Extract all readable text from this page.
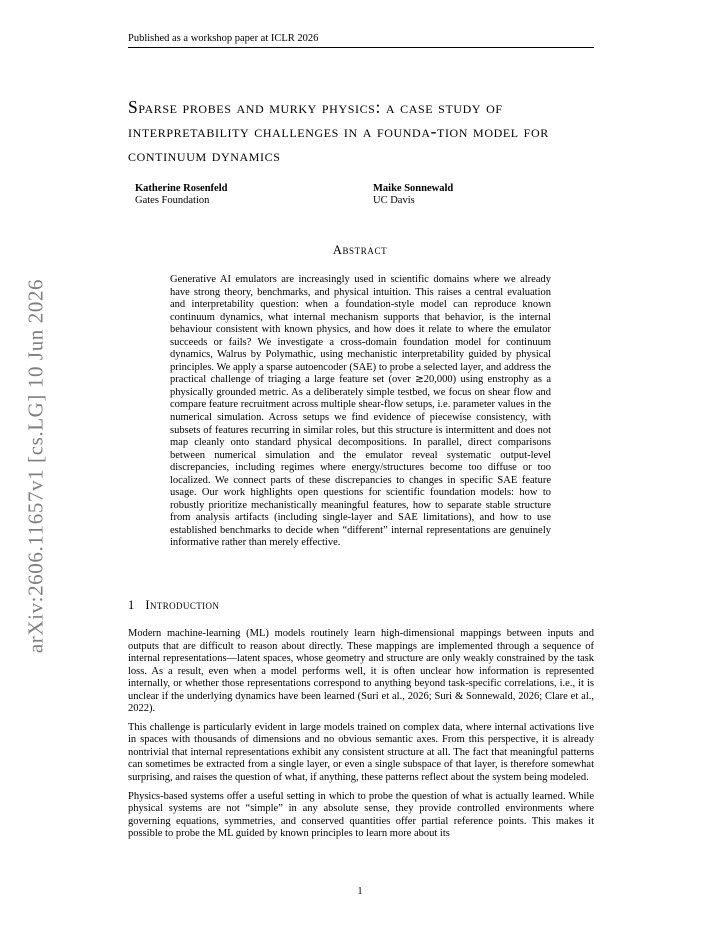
Published as a workshop paper at ICLR 2026
arXiv:2606.11657v1 [cs.LG] 10 Jun 2026
Sparse probes and murky physics: a case study of interpretability challenges in a founda-tion model for continuum dynamics
Katherine Rosenfeld
Gates Foundation
Maike Sonnewald
UC Davis
Abstract

Generative AI emulators are increasingly used in scientific domains where we already have strong theory, benchmarks, and physical intuition. This raises a central evaluation and interpretability question: when a foundation-style model can reproduce known continuum dynamics, what internal mechanism supports that behavior, is the internal behaviour consistent with known physics, and how does it relate to where the emulator succeeds or fails? We investigate a cross-domain foundation model for continuum dynamics, Walrus by Polymathic, using mechanistic interpretability guided by physical principles. We apply a sparse autoencoder (SAE) to probe a selected layer, and address the practical challenge of triaging a large feature set (over ≳20,000) using enstrophy as a physically grounded metric. As a deliberately simple testbed, we focus on shear flow and compare feature recruitment across multiple shear-flow setups, i.e. parameter values in the numerical simulation. Across setups we find evidence of piecewise consistency, with subsets of features recurring in similar roles, but this structure is intermittent and does not map cleanly onto standard physical decompositions. In parallel, direct comparisons between numerical simulation and the emulator reveal systematic output-level discrepancies, including regimes where energy/structures become too diffuse or too localized. We connect parts of these discrepancies to changes in specific SAE feature usage. Our work highlights open questions for scientific foundation models: how to robustly prioritize mechanistically meaningful features, how to separate stable structure from analysis artifacts (including single-layer and SAE limitations), and how to use established benchmarks to decide when “different” internal representations are genuinely informative rather than merely effective.

1 Introduction

Modern machine-learning (ML) models routinely learn high-dimensional mappings between inputs and outputs that are difficult to reason about directly. These mappings are implemented through a sequence of internal representations—latent spaces, whose geometry and structure are only weakly constrained by the task loss. As a result, even when a model performs well, it is often unclear how information is represented internally, or whether those representations correspond to anything beyond task-specific correlations, i.e., it is unclear if the underlying dynamics have been learned (Suri et al., 2026; Suri & Sonnewald, 2026; Clare et al., 2022).

This challenge is particularly evident in large models trained on complex data, where internal activations live in spaces with thousands of dimensions and no obvious semantic axes. From this perspective, it is already nontrivial that internal representations exhibit any consistent structure at all. The fact that meaningful patterns can sometimes be extracted from a single layer, or even a single subspace of that layer, is therefore somewhat surprising, and raises the question of what, if anything, these patterns reflect about the system being modeled.

Physics-based systems offer a useful setting in which to probe the question of what is actually learned. While physical systems are not “simple” in any absolute sense, they provide controlled environments where governing equations, symmetries, and conserved quantities offer partial reference points. This makes it possible to probe the ML guided by known principles to learn more about its

1
